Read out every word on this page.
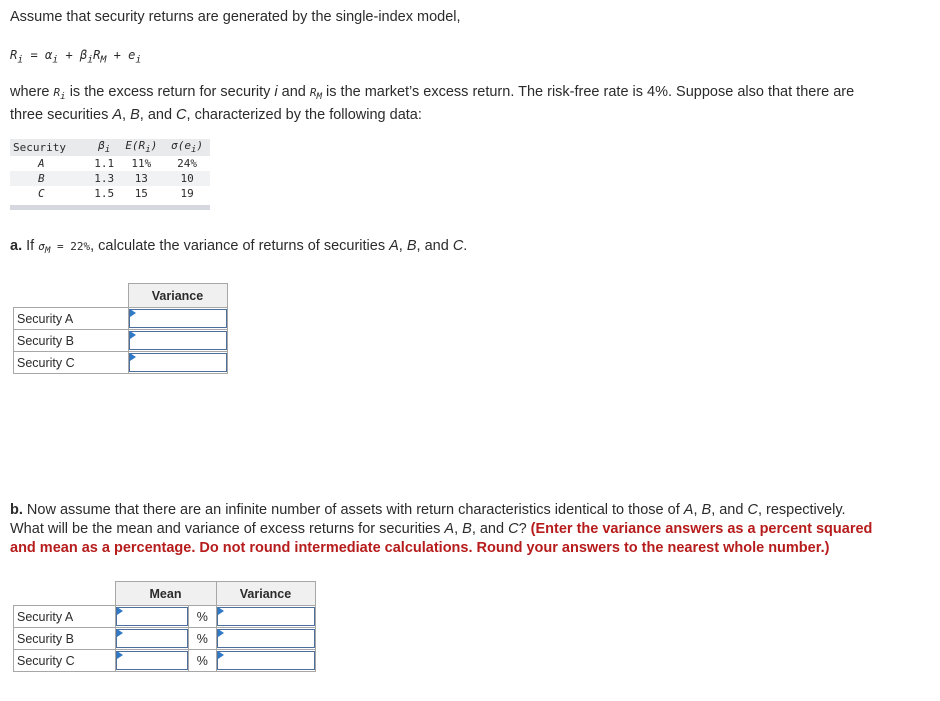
Assume that security returns are generated by the single-index model,
$R_i = \alpha_i + \beta_iR_M + e_i$
where $R_i$ is the excess return for security i and $R_M$ is the market’s excess return. The risk-free rate is 4%. Suppose also that there are
three securities A, B, and C, characterized by the following data:
Security	$\beta_i$	$E(R_i)$	$\sigma(e_i)$
A	1.1	11%	24%
B	1.3	13	10
C	1.5	15	19
a. If $\sigma_M = 22\%$, calculate the variance of returns of securities A, B, and C.
	Variance
Security A	

Security B	

Security C	
b. Now assume that there are an infinite number of assets with return characteristics identical to those of A, B, and C, respectively.
What will be the mean and variance of excess returns for securities A, B, and C? (Enter the variance answers as a percent squared
and mean as a percentage. Do not round intermediate calculations. Round your answers to the nearest whole number.)
	Mean		Variance
Security A		%	

Security B		%	

Security C		%	
